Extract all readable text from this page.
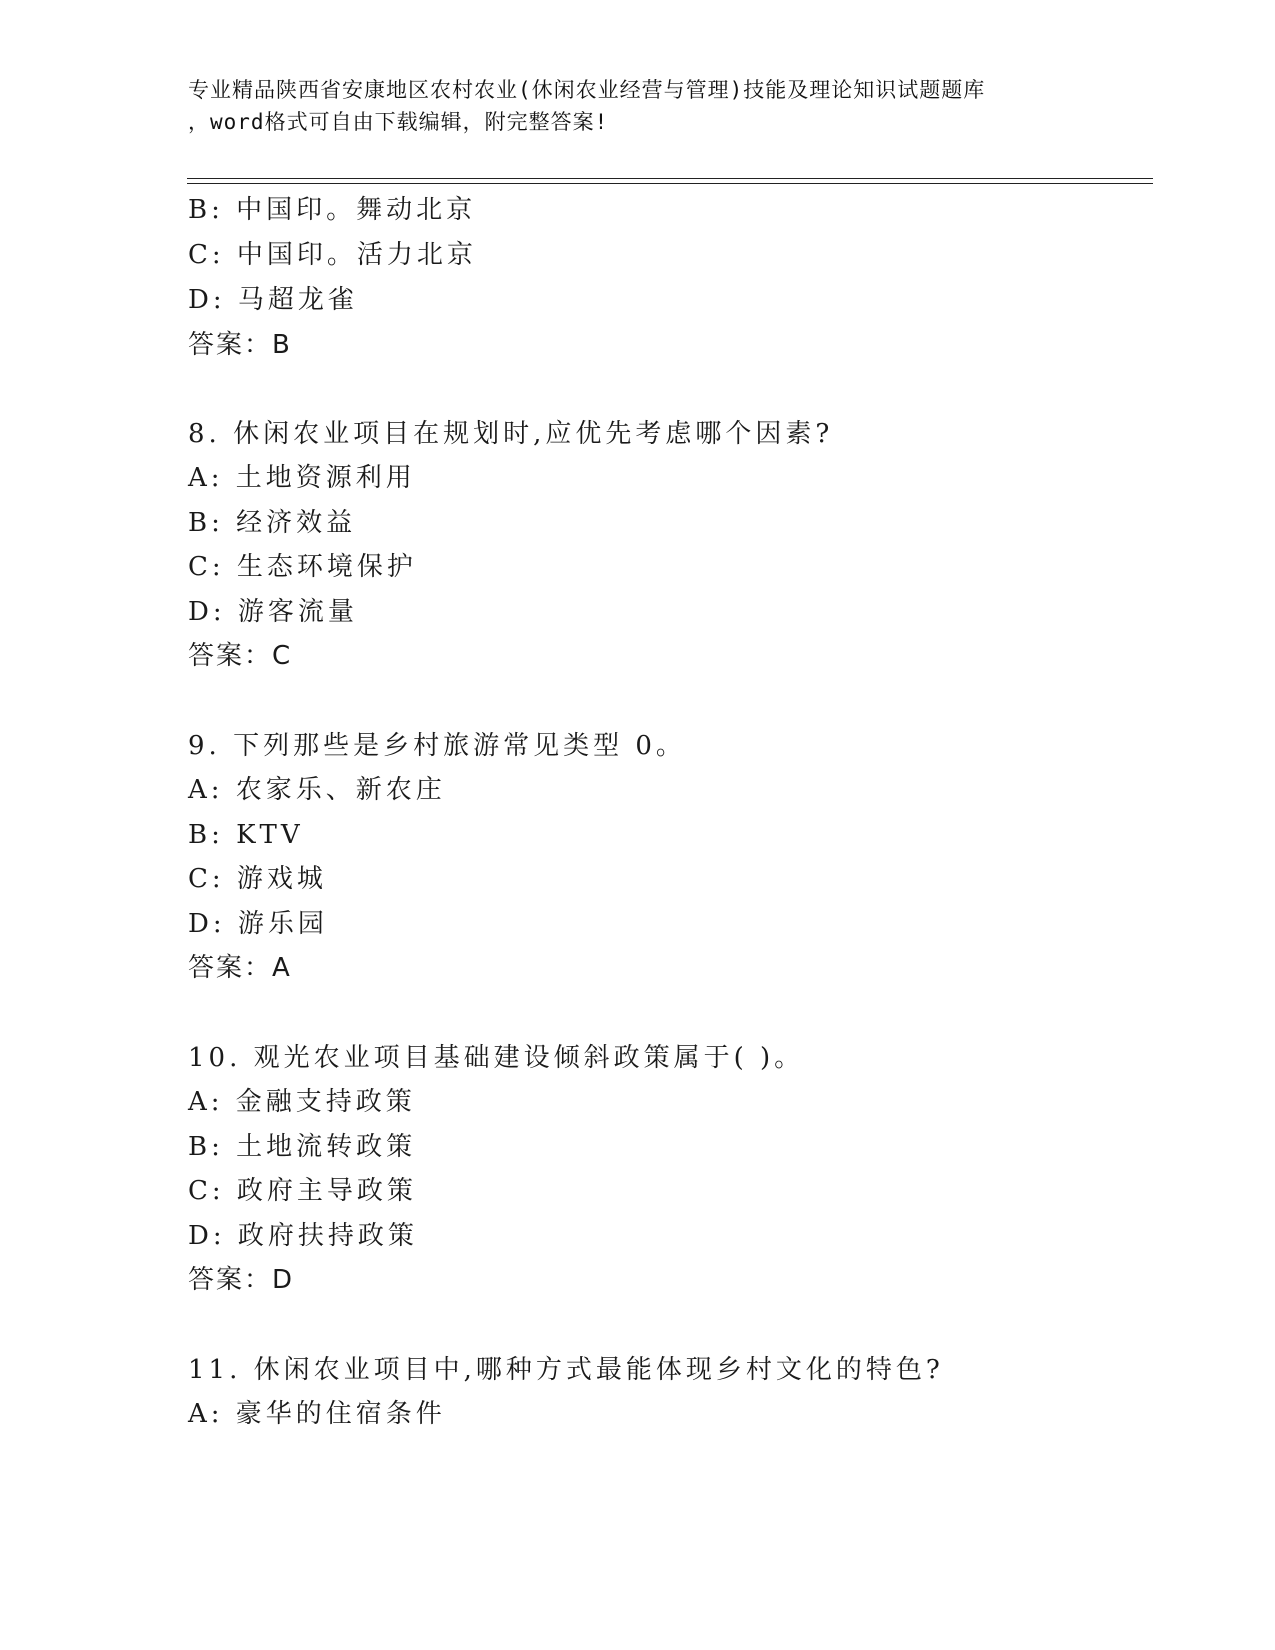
专业精品陕西省安康地区农村农业(休闲农业经营与管理)技能及理论知识试题题库
，word格式可自由下载编辑，附完整答案!
B: 中国印。舞动北京
C: 中国印。活力北京
D: 马超龙雀
答案：B
8. 休闲农业项目在规划时,应优先考虑哪个因素?
A: 土地资源利用
B: 经济效益
C: 生态环境保护
D: 游客流量
答案：C
9. 下列那些是乡村旅游常见类型 0。
A: 农家乐、新农庄
B: KTV
C: 游戏城
D: 游乐园
答案：A
10. 观光农业项目基础建设倾斜政策属于( )。
A: 金融支持政策
B: 土地流转政策
C: 政府主导政策
D: 政府扶持政策
答案：D
11. 休闲农业项目中,哪种方式最能体现乡村文化的特色?
A: 豪华的住宿条件
